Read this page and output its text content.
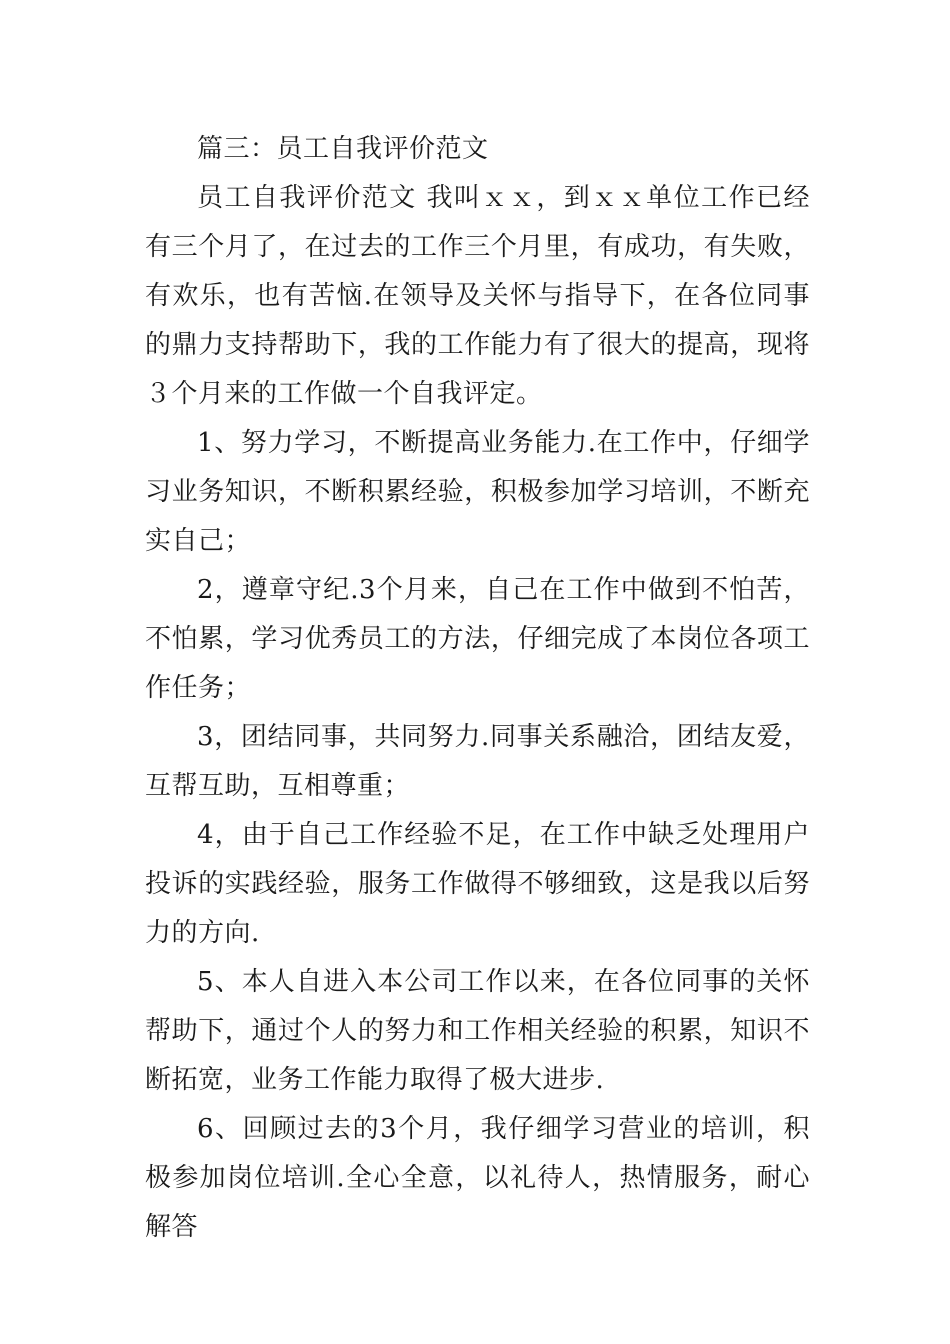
篇三：员工自我评价范文

员工自我评价范文 我叫ｘｘ，到ｘｘ单位工作已经有三个月了，在过去的工作三个月里，有成功，有失败，有欢乐，也有苦恼.在领导及关怀与指导下，在各位同事的鼎力支持帮助下，我的工作能力有了很大的提高，现将３个月来的工作做一个自我评定。

1、努力学习，不断提高业务能力.在工作中，仔细学习业务知识，不断积累经验，积极参加学习培训，不断充实自己；

2，遵章守纪.3个月来，自己在工作中做到不怕苦，不怕累，学习优秀员工的方法，仔细完成了本岗位各项工作任务；

3，团结同事，共同努力.同事关系融洽，团结友爱，互帮互助，互相尊重；

4，由于自己工作经验不足，在工作中缺乏处理用户投诉的实践经验，服务工作做得不够细致，这是我以后努力的方向.

5、本人自进入本公司工作以来，在各位同事的关怀帮助下，通过个人的努力和工作相关经验的积累，知识不断拓宽，业务工作能力取得了极大进步.

6、回顾过去的3个月，我仔细学习营业的培训，积极参加岗位培训.全心全意，以礼待人，热情服务，耐心解答
